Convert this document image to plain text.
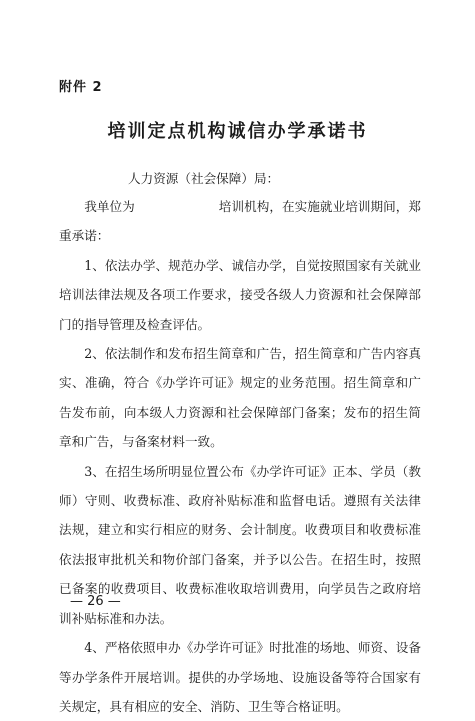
附件 2
培训定点机构诚信办学承诺书
人力资源（社会保障）局：

我单位为	培训机构，在实施就业培训期间，郑重承诺：

1、依法办学、规范办学、诚信办学，自觉按照国家有关就业培训法律法规及各项工作要求，接受各级人力资源和社会保障部门的指导管理及检查评估。

2、依法制作和发布招生简章和广告，招生简章和广告内容真实、准确，符合《办学许可证》规定的业务范围。招生简章和广告发布前，向本级人力资源和社会保障部门备案；发布的招生简章和广告，与备案材料一致。

3、在招生场所明显位置公布《办学许可证》正本、学员（教师）守则、收费标准、政府补贴标准和监督电话。遵照有关法律法规，建立和实行相应的财务、会计制度。收费项目和收费标准依法报审批机关和物价部门备案，并予以公告。在招生时，按照已备案的收费项目、收费标准收取培训费用，向学员告之政府培训补贴标准和办法。

4、严格依照申办《办学许可证》时批准的场地、师资、设备等办学条件开展培训。提供的办学场地、设施设备等符合国家有关规定，具有相应的安全、消防、卫生等合格证明。

— 26 —
